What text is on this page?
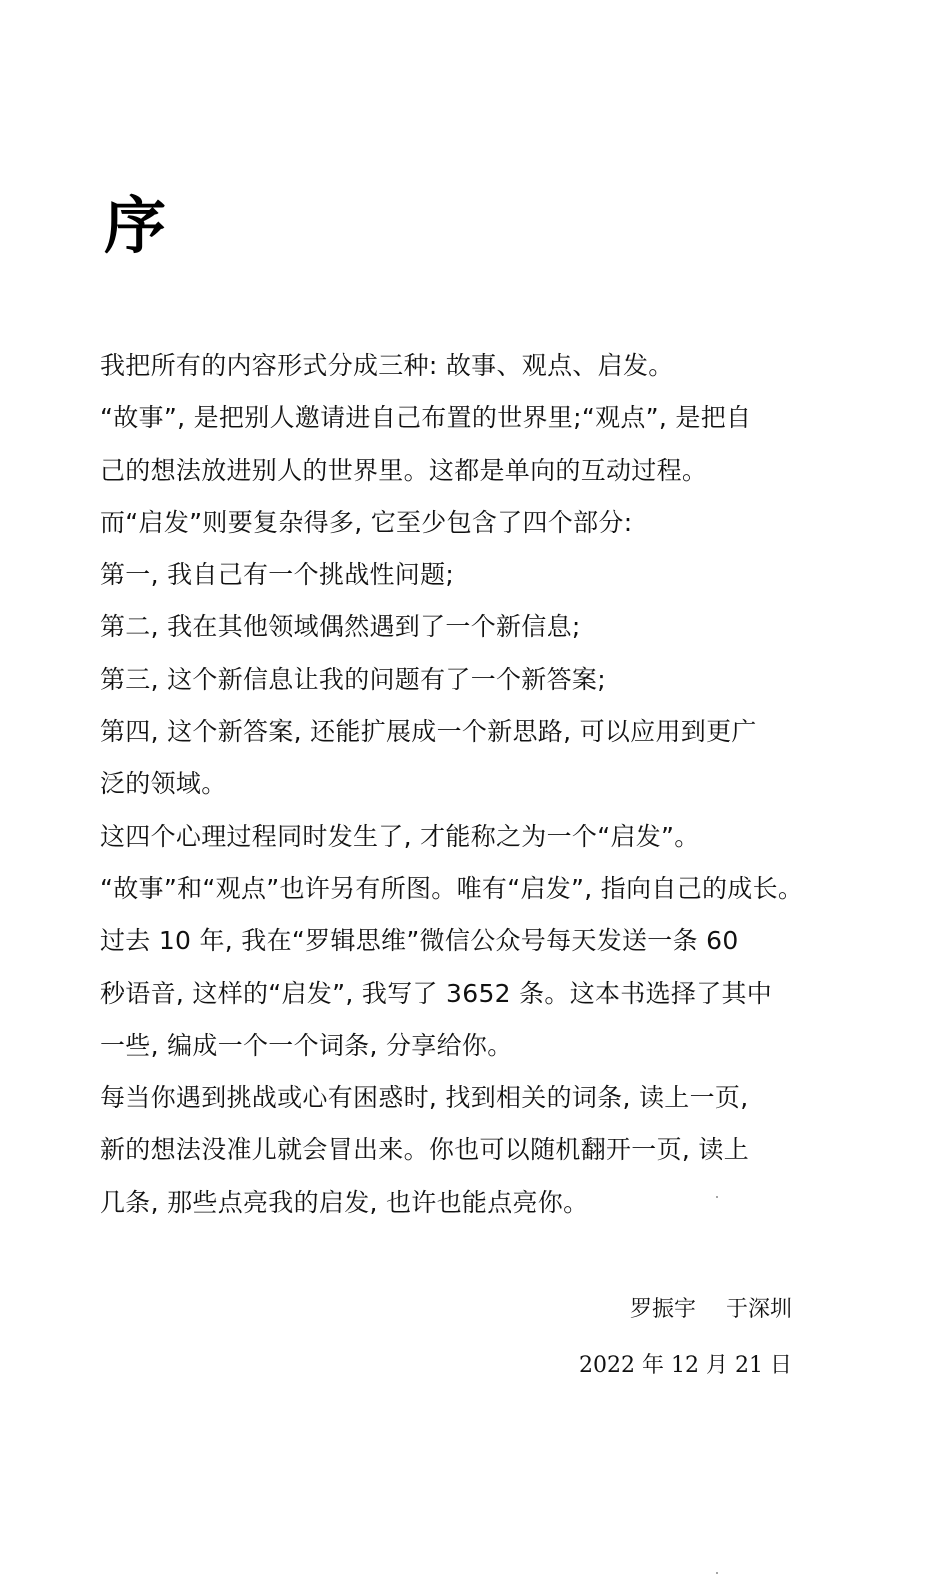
序

我把所有的内容形式分成三种: 故事、观点、启发。

“故事”, 是把别人邀请进自己布置的世界里;“观点”, 是把自
己的想法放进别人的世界里。这都是单向的互动过程。

而“启发”则要复杂得多, 它至少包含了四个部分:

第一, 我自己有一个挑战性问题;

第二, 我在其他领域偶然遇到了一个新信息;

第三, 这个新信息让我的问题有了一个新答案;

第四, 这个新答案, 还能扩展成一个新思路, 可以应用到更广
泛的领域。

这四个心理过程同时发生了, 才能称之为一个“启发”。

“故事”和“观点”也许另有所图。唯有“启发”, 指向自己的成长。

过去 10 年, 我在“罗辑思维”微信公众号每天发送一条 60
秒语音, 这样的“启发”, 我写了 3652 条。这本书选择了其中
一些, 编成一个一个词条, 分享给你。

每当你遇到挑战或心有困惑时, 找到相关的词条, 读上一页,
新的想法没准儿就会冒出来。你也可以随机翻开一页, 读上
几条, 那些点亮我的启发, 也许也能点亮你。

罗振宇 于深圳
2022 年 12 月 21 日
